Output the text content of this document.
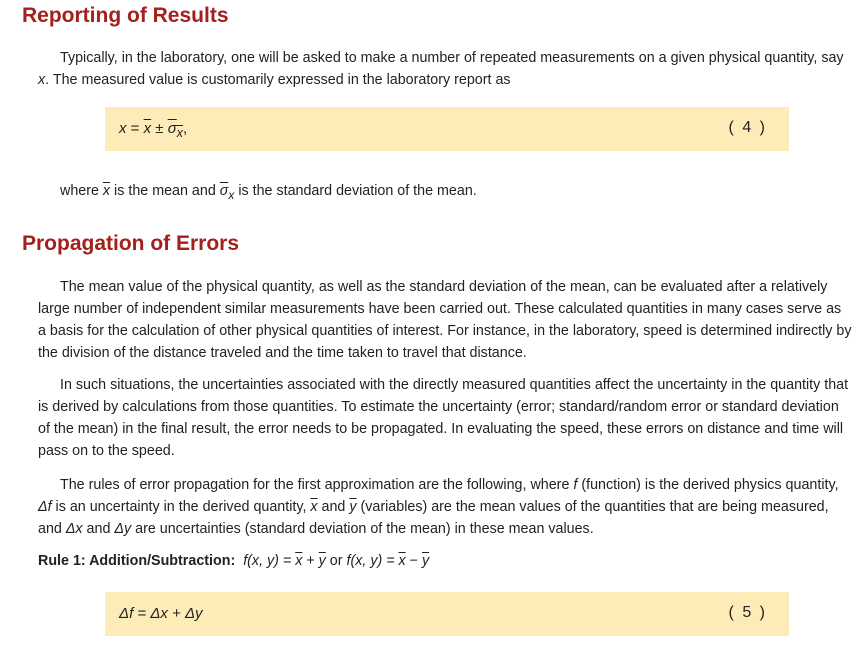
Reporting of Results

Typically, in the laboratory, one will be asked to make a number of repeated measurements on a given physical quantity, say x. The measured value is customarily expressed in the laboratory report as

$x = \overline{x} \pm \overline{\sigma}_{\overline{x}}$,	( 4 )

where $\overline{x}$ is the mean and $\overline{\sigma}_x$ is the standard deviation of the mean.

Propagation of Errors

The mean value of the physical quantity, as well as the standard deviation of the mean, can be evaluated after a relatively large number of independent similar measurements have been carried out. These calculated quantities in many cases serve as a basis for the calculation of other physical quantities of interest. For instance, in the laboratory, speed is determined indirectly by the division of the distance traveled and the time taken to travel that distance.

In such situations, the uncertainties associated with the directly measured quantities affect the uncertainty in the quantity that is derived by calculations from those quantities. To estimate the uncertainty (error; standard/random error or standard deviation of the mean) in the final result, the error needs to be propagated. In evaluating the speed, these errors on distance and time will pass on to the speed.

The rules of error propagation for the first approximation are the following, where f (function) is the derived physics quantity, Δf is an uncertainty in the derived quantity, $\overline{x}$ and $\overline{y}$ (variables) are the mean values of the quantities that are being measured, and Δx and Δy are uncertainties (standard deviation of the mean) in these mean values.

Rule 1: Addition/Subtraction: f(x, $y) = \overline{x} + \overline{y}$ or f(x, $y) = \overline{x} - \overline{y}$
Δf = Δx + Δy	( 5 )
